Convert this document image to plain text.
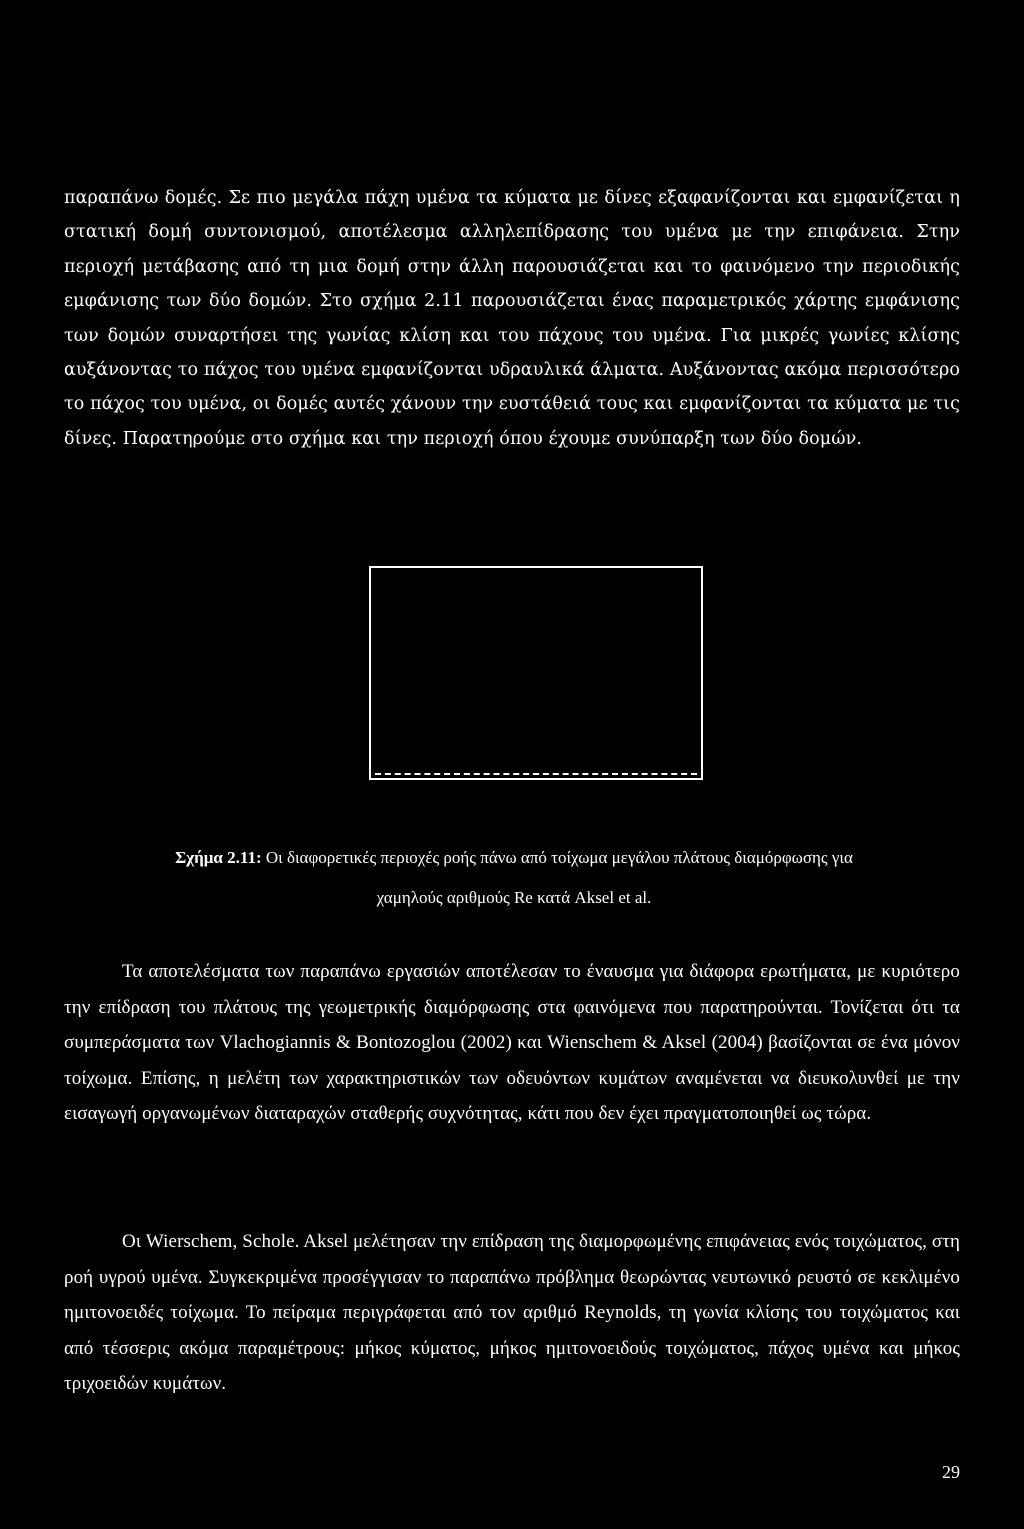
παραπάνω δομές. Σε πιο μεγάλα πάχη υμένα τα κύματα με δίνες εξαφανίζονται και εμφανίζεται η στατική δομή συντονισμού, αποτέλεσμα αλληλεπίδρασης του υμένα με την επιφάνεια. Στην περιοχή μετάβασης από τη μια δομή στην άλλη παρουσιάζεται και το φαινόμενο την περιοδικής εμφάνισης των δύο δομών. Στο σχήμα 2.11 παρουσιάζεται ένας παραμετρικός χάρτης εμφάνισης των δομών συναρτήσει της γωνίας κλίση και του πάχους του υμένα. Για μικρές γωνίες κλίσης αυξάνοντας το πάχος του υμένα εμφανίζονται υδραυλικά άλματα. Αυξάνοντας ακόμα περισσότερο το πάχος του υμένα, οι δομές αυτές χάνουν την ευστάθειά τους και εμφανίζονται τα κύματα με τις δίνες. Παρατηρούμε στο σχήμα και την περιοχή όπου έχουμε συνύπαρξη των δύο δομών.

Σχήμα 2.11: Οι διαφορετικές περιοχές ροής πάνω από τοίχωμα μεγάλου πλάτους διαμόρφωσης για
χαμηλούς αριθμούς Re κατά Aksel et al.

Τα αποτελέσματα των παραπάνω εργασιών αποτέλεσαν το έναυσμα για διάφορα ερωτήματα, με κυριότερο την επίδραση του πλάτους της γεωμετρικής διαμόρφωσης στα φαινόμενα που παρατηρούνται. Τονίζεται ότι τα συμπεράσματα των Vlachogiannis & Bontozoglou (2002) και Wienschem & Aksel (2004) βασίζονται σε ένα μόνον τοίχωμα. Επίσης, η μελέτη των χαρακτηριστικών των οδευόντων κυμάτων αναμένεται να διευκολυνθεί με την εισαγωγή οργανωμένων διαταραχών σταθερής συχνότητας, κάτι που δεν έχει πραγματοποιηθεί ως τώρα.

Οι Wierschem, Schole. Aksel μελέτησαν την επίδραση της διαμορφωμένης επιφάνειας ενός τοιχώματος, στη ροή υγρού υμένα. Συγκεκριμένα προσέγγισαν το παραπάνω πρόβλημα θεωρώντας νευτωνικό ρευστό σε κεκλιμένο ημιτονοειδές τοίχωμα. Το πείραμα περιγράφεται από τον αριθμό Reynolds, τη γωνία κλίσης του τοιχώματος και από τέσσερις ακόμα παραμέτρους: μήκος κύματος, μήκος ημιτονοειδούς τοιχώματος, πάχος υμένα και μήκος τριχοειδών κυμάτων.

29
